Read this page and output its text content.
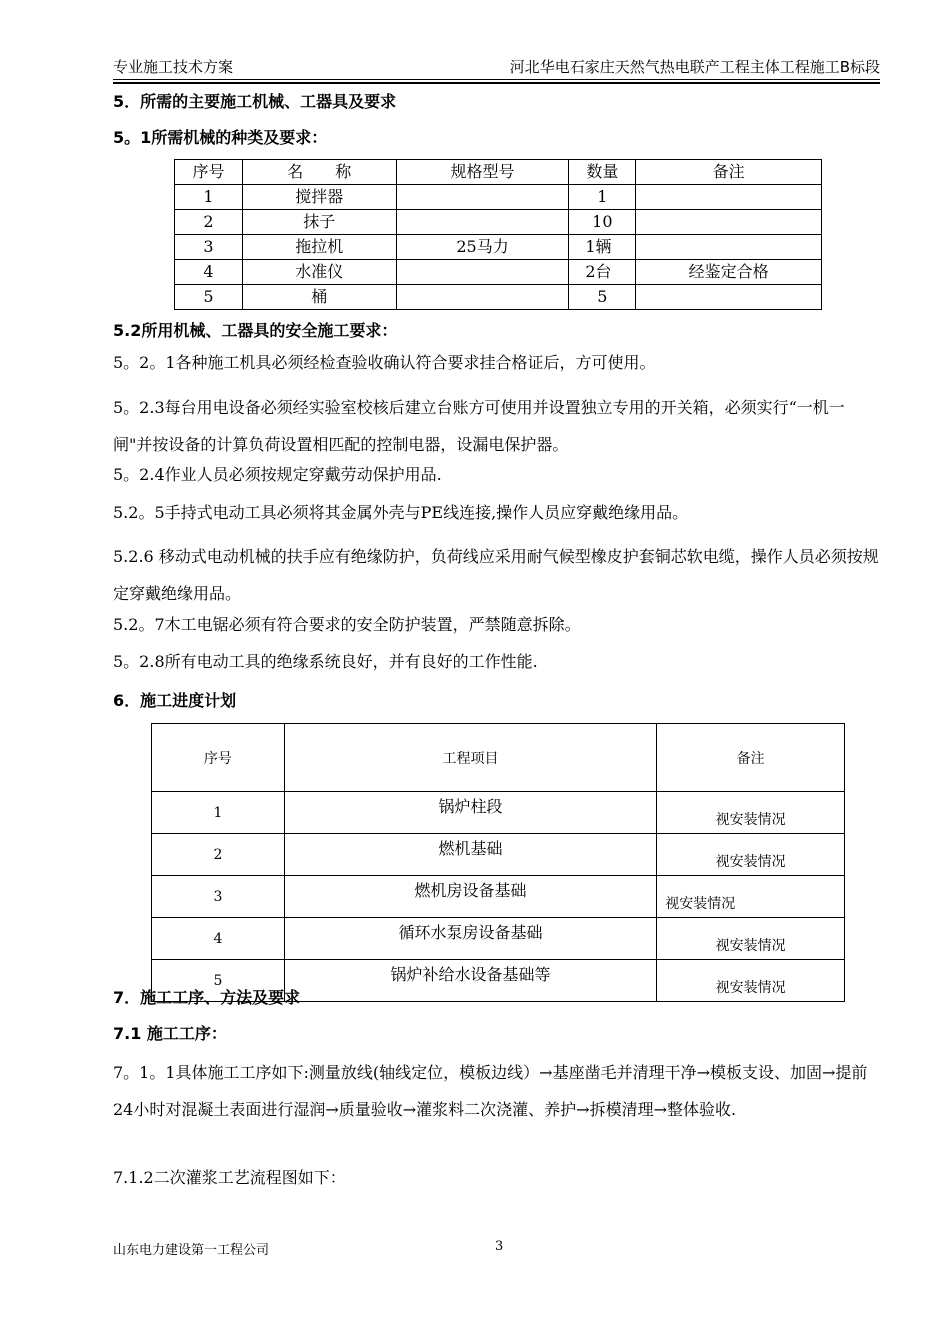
专业施工技术方案	河北华电石家庄天然气热电联产工程主体工程施工B标段
5．所需的主要施工机械、工器具及要求
5。1所需机械的种类及要求：
序号	名　　称	规格型号	数量	备注
1	搅拌器		1	
2	抹子		10	
3	拖拉机	25马力	1辆	
4	水准仪		2台	经鉴定合格
5	桶		5	
5.2所用机械、工器具的安全施工要求：
5。2。1各种施工机具必须经检查验收确认符合要求挂合格证后，方可使用。
5。2.3每台用电设备必须经实验室校核后建立台账方可使用并设置独立专用的开关箱，必须实行“一机一闸"并按设备的计算负荷设置相匹配的控制电器，设漏电保护器。
5。2.4作业人员必须按规定穿戴劳动保护用品.
5.2。5手持式电动工具必须将其金属外壳与PE线连接,操作人员应穿戴绝缘用品。
5.2.6 移动式电动机械的扶手应有绝缘防护，负荷线应采用耐气候型橡皮护套铜芯软电缆，操作人员必须按规定穿戴绝缘用品。
5.2。7木工电锯必须有符合要求的安全防护装置，严禁随意拆除。
5。2.8所有电动工具的绝缘系统良好，并有良好的工作性能.
6．施工进度计划
序号	工程项目	备注
1	锅炉柱段	视安装情况
2	燃机基础	视安装情况
3	燃机房设备基础	视安装情况
4	循环水泵房设备基础	视安装情况
5	锅炉补给水设备基础等	视安装情况
7．施工工序、方法及要求
7.1 施工工序：
7。1。1具体施工工序如下:测量放线(轴线定位，模板边线）→基座凿毛并清理干净→模板支设、加固→提前24小时对混凝土表面进行湿润→质量验收→灌浆料二次浇灌、养护→拆模清理→整体验收.
7.1.2二次灌浆工艺流程图如下：
山东电力建设第一工程公司	3
